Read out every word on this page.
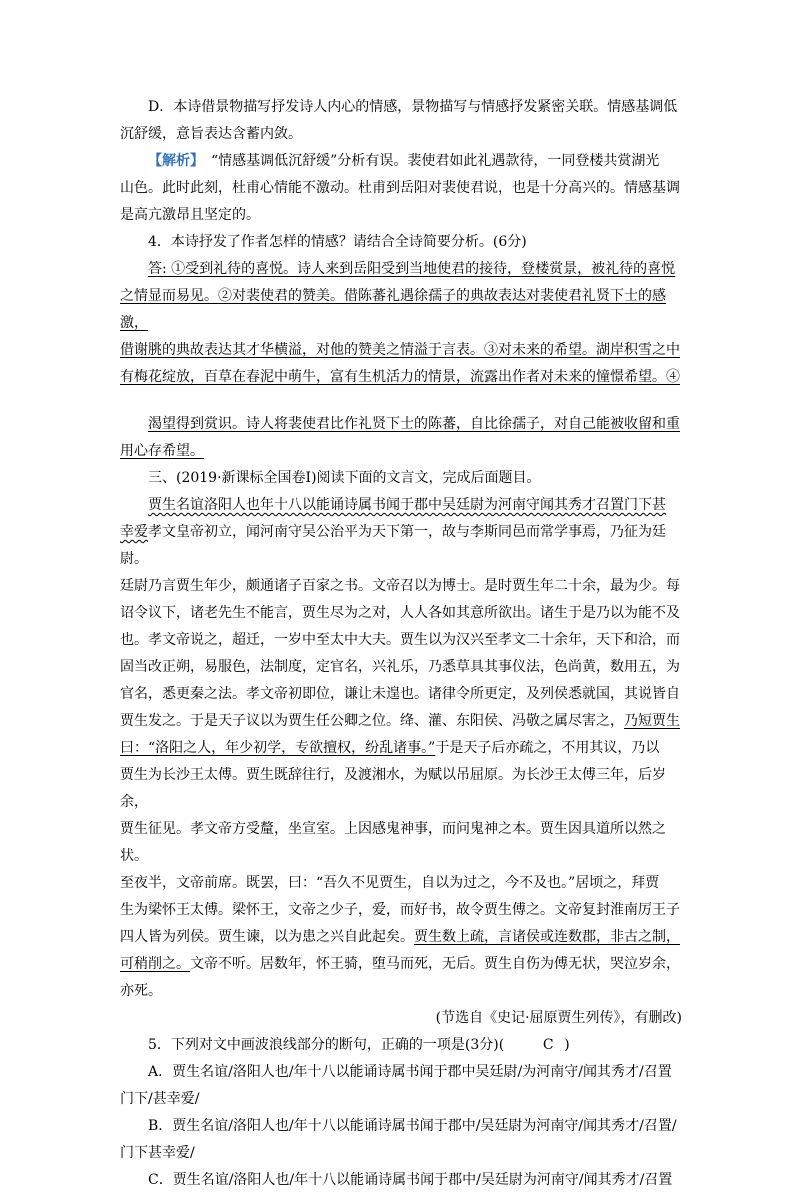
D．本诗借景物描写抒发诗人内心的情感，景物描写与情感抒发紧密关联。情感基调低

沉舒缓，意旨表达含蓄内敛。

【解析】　“情感基调低沉舒缓”分析有误。裴使君如此礼遇款待，一同登楼共赏湖光

山色。此时此刻，杜甫心情能不激动。杜甫到岳阳对裴使君说，也是十分高兴的。情感基调

是高亢激昂且坚定的。

4．本诗抒发了作者怎样的情感？请结合全诗简要分析。(6分)

答: ①受到礼待的喜悦。诗人来到岳阳受到当地使君的接待，登楼赏景，被礼待的喜悦

之情显而易见。②对裴使君的赞美。借陈蕃礼遇徐孺子的典故表达对裴使君礼贤下士的感激，

借谢朓的典故表达其才华横溢，对他的赞美之情溢于言表。③对未来的希望。湖岸积雪之中

有梅花绽放，百草在春泥中萌牛，富有生机活力的情景，流露出作者对未来的憧憬希望。④

渴望得到赏识。诗人将裴使君比作礼贤下士的陈蕃，自比徐孺子，对自己能被收留和重

用心存希望。

三、(2019·新课标全国卷Ⅰ)阅读下面的文言文，完成后面题目。

贾生名谊洛阳人也年十八以能诵诗属书闻于郡中吴廷尉为河南守闻其秀才召置门下甚

幸爱孝文皇帝初立，闻河南守吴公治平为天下第一，故与李斯同邑而常学事焉，乃征为廷尉。

廷尉乃言贾生年少，颇通诸子百家之书。文帝召以为博士。是时贾生年二十余，最为少。每

诏令议下，诸老先生不能言，贾生尽为之对，人人各如其意所欲出。诸生于是乃以为能不及

也。孝文帝说之，超迁，一岁中至太中大夫。贾生以为汉兴至孝文二十余年，天下和洽，而

固当改正朔，易服色，法制度，定官名，兴礼乐，乃悉草具其事仪法，色尚黄，数用五，为

官名，悉更秦之法。孝文帝初即位，谦让未遑也。诸律令所更定，及列侯悉就国，其说皆自

贾生发之。于是天子议以为贾生任公卿之位。绛、灌、东阳侯、冯敬之属尽害之，乃短贾生

曰：“洛阳之人，年少初学，专欲擅权，纷乱诸事。”于是天子后亦疏之，不用其议，乃以

贾生为长沙王太傅。贾生既辞往行，及渡湘水，为赋以吊屈原。为长沙王太傅三年，后岁余，

贾生征见。孝文帝方受釐，坐宣室。上因感鬼神事，而问鬼神之本。贾生因具道所以然之状。

至夜半，文帝前席。既罢，曰：“吾久不见贾生，自以为过之，今不及也。”居顷之，拜贾

生为梁怀王太傅。梁怀王，文帝之少子，爱，而好书，故令贾生傅之。文帝复封淮南厉王子

四人皆为列侯。贾生谏，以为患之兴自此起矣。贾生数上疏，言诸侯或连数郡，非古之制，

可稍削之。文帝不听。居数年，怀王骑，堕马而死，无后。贾生自伤为傅无状，哭泣岁余，

亦死。

(节选自《史记·屈原贾生列传》，有删改)

5．下列对文中画波浪线部分的断句，正确的一项是(3分)(	C )

A．贾生名谊/洛阳人也/年十八以能诵诗属书闻于郡中吴廷尉/为河南守/闻其秀才/召置

门下/甚幸爱/

B．贾生名谊/洛阳人也/年十八以能诵诗属书闻于郡中/吴廷尉为河南守/闻其秀才/召置/

门下甚幸爱/

C．贾生名谊/洛阳人也/年十八以能诵诗属书闻于郡中/吴廷尉为河南守/闻其秀才/召置
